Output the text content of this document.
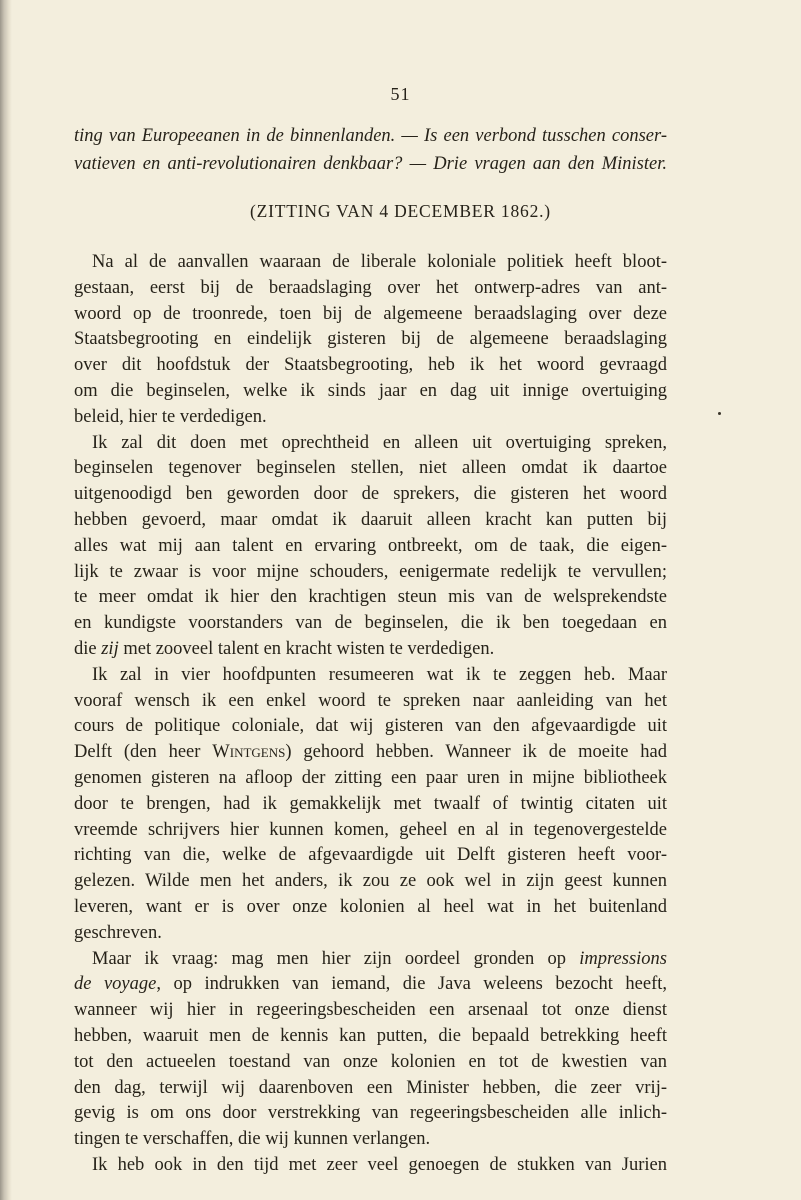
51
ting van Europeeanen in de binnenlanden. — Is een verbond tusschen conser-
vatieven en anti-revolutionairen denkbaar? — Drie vragen aan den Minister.
(ZITTING VAN 4 DECEMBER 1862.)
Na al de aanvallen waaraan de liberale koloniale politiek heeft bloot-
gestaan, eerst bij de beraadslaging over het ontwerp-adres van ant-
woord op de troonrede, toen bij de algemeene beraadslaging over deze
Staatsbegrooting en eindelijk gisteren bij de algemeene beraadslaging
over dit hoofdstuk der Staatsbegrooting, heb ik het woord gevraagd
om die beginselen, welke ik sinds jaar en dag uit innige overtuiging
beleid, hier te verdedigen.
Ik zal dit doen met oprechtheid en alleen uit overtuiging spreken,
beginselen tegenover beginselen stellen, niet alleen omdat ik daartoe
uitgenoodigd ben geworden door de sprekers, die gisteren het woord
hebben gevoerd, maar omdat ik daaruit alleen kracht kan putten bij
alles wat mij aan talent en ervaring ontbreekt, om de taak, die eigen-
lijk te zwaar is voor mijne schouders, eenigermate redelijk te vervullen;
te meer omdat ik hier den krachtigen steun mis van de welsprekendste
en kundigste voorstanders van de beginselen, die ik ben toegedaan en
die zij met zooveel talent en kracht wisten te verdedigen.
Ik zal in vier hoofdpunten resumeeren wat ik te zeggen heb. Maar
vooraf wensch ik een enkel woord te spreken naar aanleiding van het
cours de politique coloniale, dat wij gisteren van den afgevaardigde uit
Delft (den heer Wintgens) gehoord hebben. Wanneer ik de moeite had
genomen gisteren na afloop der zitting een paar uren in mijne bibliotheek
door te brengen, had ik gemakkelijk met twaalf of twintig citaten uit
vreemde schrijvers hier kunnen komen, geheel en al in tegenovergestelde
richting van die, welke de afgevaardigde uit Delft gisteren heeft voor-
gelezen. Wilde men het anders, ik zou ze ook wel in zijn geest kunnen
leveren, want er is over onze kolonien al heel wat in het buitenland
geschreven.
Maar ik vraag: mag men hier zijn oordeel gronden op impressions
de voyage, op indrukken van iemand, die Java weleens bezocht heeft,
wanneer wij hier in regeeringsbescheiden een arsenaal tot onze dienst
hebben, waaruit men de kennis kan putten, die bepaald betrekking heeft
tot den actueelen toestand van onze kolonien en tot de kwestien van
den dag, terwijl wij daarenboven een Minister hebben, die zeer vrij-
gevig is om ons door verstrekking van regeeringsbescheiden alle inlich-
tingen te verschaffen, die wij kunnen verlangen.
Ik heb ook in den tijd met zeer veel genoegen de stukken van Jurien
